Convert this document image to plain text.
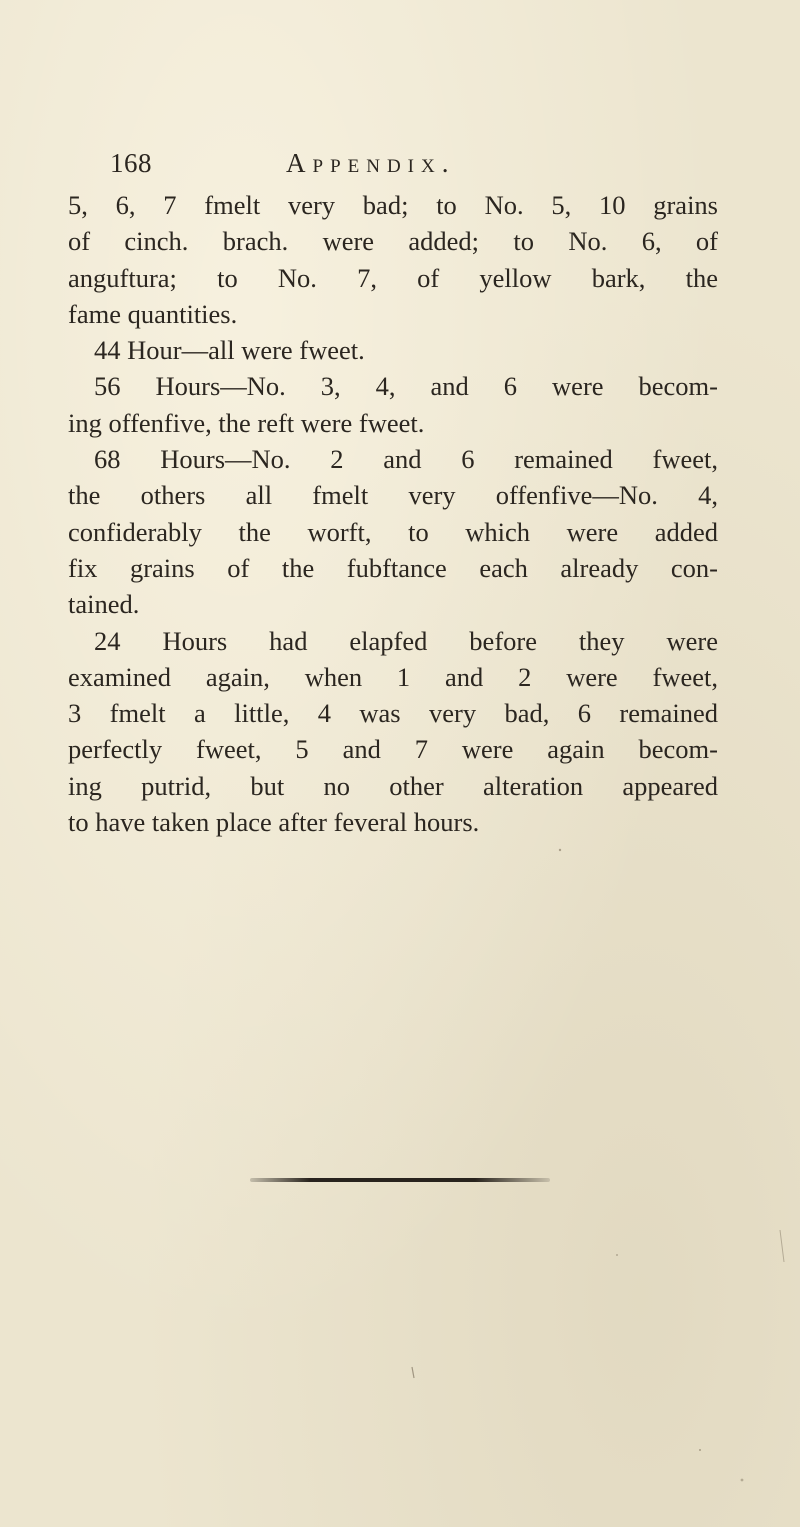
168	Appendix.
5, 6, 7 fmelt very bad; to No. 5, 10 grains
of cinch. brach. were added; to No. 6, of
anguftura; to No. 7, of yellow bark, the
fame quantities.
44 Hour—all were fweet.
56 Hours—No. 3, 4, and 6 were becom-
ing offenfive, the reft were fweet.
68 Hours—No. 2 and 6 remained fweet,
the others all fmelt very offenfive—No. 4,
confiderably the worft, to which were added
fix grains of the fubftance each already con-
tained.
24 Hours had elapfed before they were
examined again, when 1 and 2 were fweet,
3 fmelt a little, 4 was very bad, 6 remained
perfectly fweet, 5 and 7 were again becom-
ing putrid, but no other alteration appeared
to have taken place after feveral hours.
